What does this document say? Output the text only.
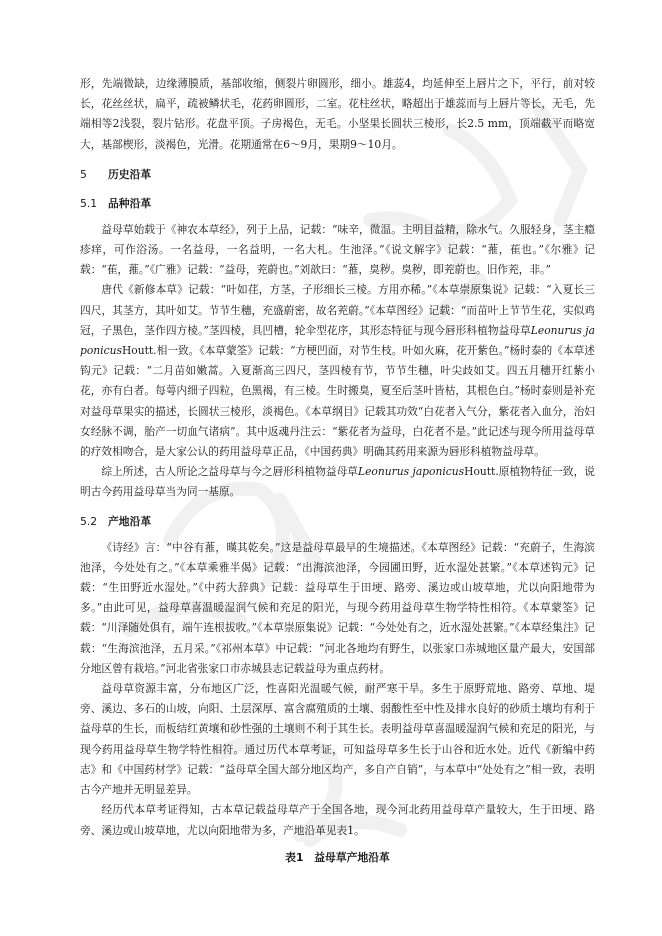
形，先端微缺，边缘薄膜质，基部收缩，侧裂片卵圆形，细小。雄蕊4，均延伸至上唇片之下，平行，前对较长，花丝丝状，扁平，疏被鳞状毛，花药卵圆形，二室。花柱丝状，略超出于雄蕊而与上唇片等长，无毛，先端相等2浅裂，裂片钻形。花盘平顶。子房褐色，无毛。小坚果长圆状三棱形，长2.5 mm，顶端截平而略宽大，基部楔形，淡褐色，光滑。花期通常在6～9月，果期9～10月。

5 历史沿革
5.1 品种沿革

益母草始载于《神农本草经》，列于上品，记载：“味辛，微温。主明目益精，除水气。久服轻身，茎主瘾疹痒，可作浴汤。一名益母，一名益明，一名大札。生池泽。”《说文解字》记载：“蓷，萑也。”《尔雅》记载：“萑，蓷。”《广雅》记载：“益母，茺蔚也。”刘歆曰：“蓷，臭秽。臭秽，即茺蔚也。旧作茺，非。”

唐代《新修本草》记载：“叶如荏，方茎，子形细长三棱。方用亦稀。”《本草崇原集说》记载：“入夏长三四尺，其茎方，其叶如艾。节节生穗，充盛蔚密，故名茺蔚。”《本草图经》记载：“而苗叶上节节生花，实似鸡冠，子黑色，茎作四方棱。”茎四棱，具凹槽，轮伞型花序，其形态特征与现今唇形科植物益母草Leonurus japonicusHoutt.相一致。《本草蒙筌》记载：“方梗凹面，对节生枝。叶如火麻，花开紫色。”杨时泰的《本草述钩元》记载：“二月苗如嫩蒿。入夏渐高三四尺，茎四棱有节，节节生穗，叶尖歧如艾。四五月穗开红紫小花，亦有白者。每萼内细子四粒，色黑褐，有三棱。生时搬臭，夏至后茎叶皆枯，其根色白。”杨时泰则是补充对益母草果实的描述，长圆状三棱形，淡褐色。《本草纲目》记载其功效“白花者入气分，紫花者入血分，治妇女经脉不调，胎产一切血气诸病”。其中返魂丹注云：“紫花者为益母，白花者不是。”此记述与现今所用益母草的疗效相吻合，是大家公认的药用益母草正品，《中国药典》明确其药用来源为唇形科植物益母草。

综上所述，古人所论之益母草与今之唇形科植物益母草Leonurus japonicusHoutt.原植物特征一致，说明古今药用益母草当为同一基原。

5.2 产地沿革

《诗经》言：“中谷有蓷，暵其乾矣。”这是益母草最早的生境描述。《本草图经》记载：“充蔚子，生海滨池泽，今处处有之。”《本草乘雅半偈》记载：“出海滨池泽，今园圃田野，近水湿处甚繁。”《本草述钩元》记载：“生田野近水湿处。”《中药大辞典》记载：益母草生于田埂、路旁、溪边或山坡草地，尤以向阳地带为多。”由此可见，益母草喜温暖湿润气候和充足的阳光，与现今药用益母草生物学特性相符。《本草蒙筌》记载：“川泽随处俱有，端午连根拔收。”《本草崇原集说》记载：“今处处有之，近水湿处甚繁。”《本草经集注》记载：“生海滨池泽，五月采。”《祁州本草》中记载：“河北各地均有野生，以张家口赤城地区量产最大，安国部分地区曾有栽培。”河北省张家口市赤城县志记载益母为重点药材。

益母草资源丰富，分布地区广泛，性喜阳光温暖气候，耐严寒干旱。多生于原野荒地、路旁、草地、堤旁、溪边、多石的山坡，向阳、土层深厚、富含腐殖质的土壤、弱酸性至中性及排水良好的砂质土壤均有利于益母草的生长，而板结红黄壤和砂性强的土壤则不利于其生长。表明益母草喜温暖湿润气候和充足的阳光，与现今药用益母草生物学特性相符。通过历代本草考证，可知益母草多生长于山谷和近水处。近代《新编中药志》和《中国药材学》记载：“益母草全国大部分地区均产，多自产自销”，与本草中“处处有之”相一致，表明古今产地并无明显差异。

经历代本草考证得知，古本草记载益母草产于全国各地，现今河北药用益母草产量较大，生于田埂、路旁、溪边或山坡草地，尤以向阳地带为多，产地沿革见表1。

表1　益母草产地沿革
